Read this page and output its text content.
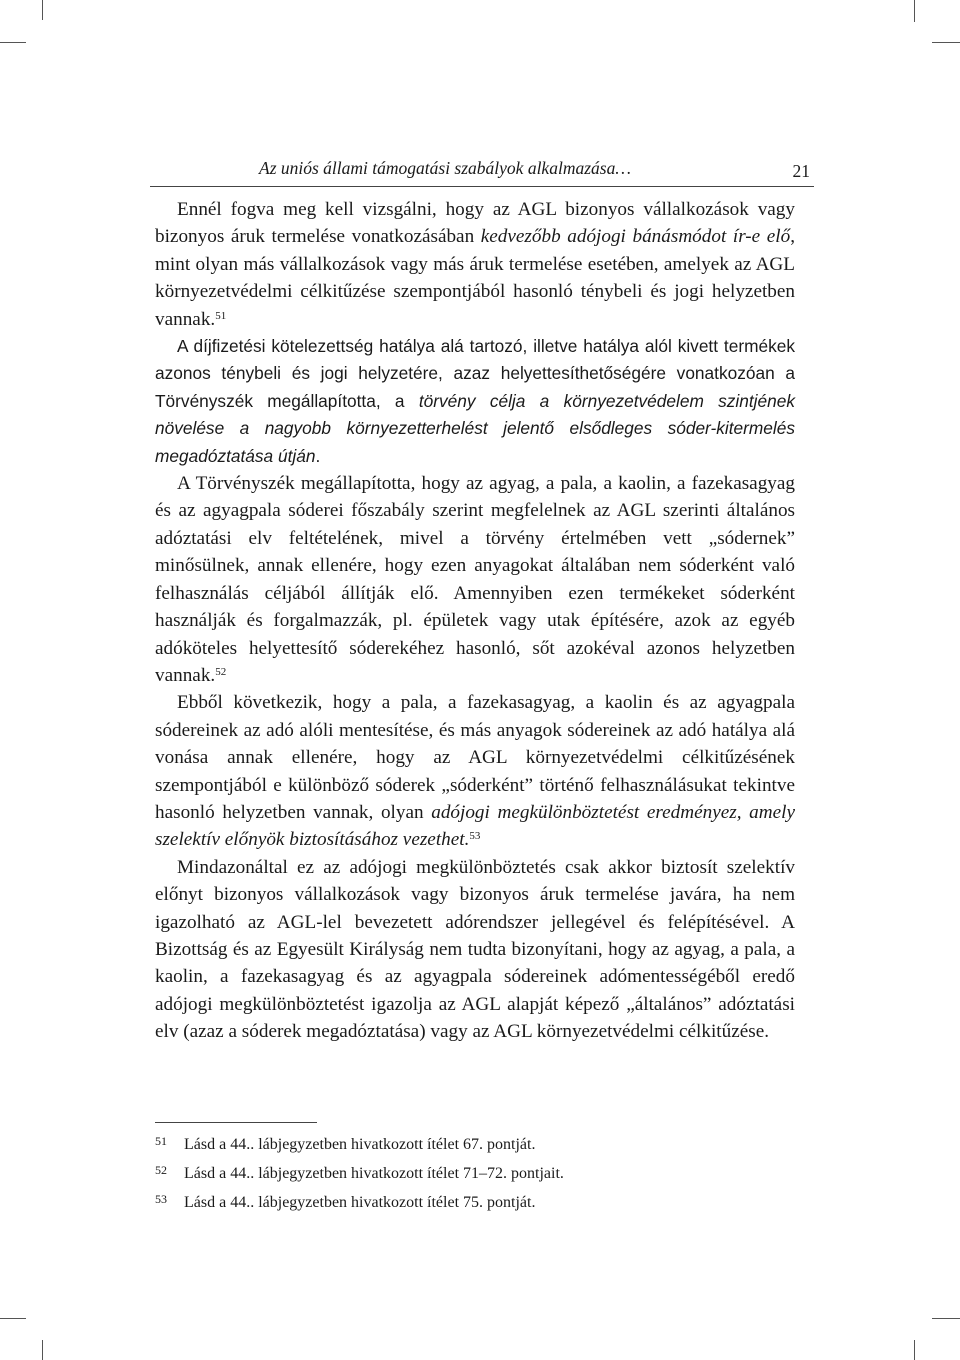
Az uniós állami támogatási szabályok alkalmazása…	21

Ennél fogva meg kell vizsgálni, hogy az AGL bizonyos vállalkozások vagy bizonyos áruk termelése vonatkozásában kedvezőbb adójogi bánásmódot ír-e elő, mint olyan más vállalkozások vagy más áruk termelése esetében, amelyek az AGL környezetvédelmi célkitűzése szempontjából hasonló ténybeli és jogi helyzetben vannak.$^{51}$

A díjfizetési kötelezettség hatálya alá tartozó, illetve hatálya alól kivett termékek azonos ténybeli és jogi helyzetére, azaz helyettesíthetőségére vonatkozóan a Törvényszék megállapította, a törvény célja a környezetvédelem szintjének növelése a nagyobb környezetterhelést jelentő elsődleges sóder-kitermelés megadóztatása útján.

A Törvényszék megállapította, hogy az agyag, a pala, a kaolin, a fazekasagyag és az agyagpala sóderei főszabály szerint megfelelnek az AGL szerinti általános adóztatási elv feltételének, mivel a törvény értelmében vett „sódernek” minősülnek, annak ellenére, hogy ezen anyagokat általában nem sóderként való felhasználás céljából állítják elő. Amennyiben ezen termékeket sóderként használják és forgalmazzák, pl. épületek vagy utak építésére, azok az egyéb adóköteles helyettesítő sóderekéhez hasonló, sőt azokéval azonos helyzetben vannak.$^{52}$

Ebből következik, hogy a pala, a fazekasagyag, a kaolin és az agyagpala sódereinek az adó alóli mentesítése, és más anyagok sódereinek az adó hatálya alá vonása annak ellenére, hogy az AGL környezetvédelmi célkitűzésének szempontjából e különböző sóderek „sóderként” történő felhasználásukat tekintve hasonló helyzetben vannak, olyan adójogi megkülönböztetést eredményez, amely szelektív előnyök biztosításához vezethet.$^{53}$

Mindazonáltal ez az adójogi megkülönböztetés csak akkor biztosít szelektív előnyt bizonyos vállalkozások vagy bizonyos áruk termelése javára, ha nem igazolható az AGL-lel bevezetett adórendszer jellegével és felépítésével. A Bizottság és az Egyesült Királyság nem tudta bizonyítani, hogy az agyag, a pala, a kaolin, a fazekasagyag és az agyagpala sódereinek adómentességéből eredő adójogi megkülönböztetést igazolja az AGL alapját képező „általános” adóztatási elv (azaz a sóderek megadóztatása) vagy az AGL környezetvédelmi célkitűzése.

51 Lásd a 44.. lábjegyzetben hivatkozott ítélet 67. pontját.
52 Lásd a 44.. lábjegyzetben hivatkozott ítélet 71–72. pontjait.
53 Lásd a 44.. lábjegyzetben hivatkozott ítélet 75. pontját.
